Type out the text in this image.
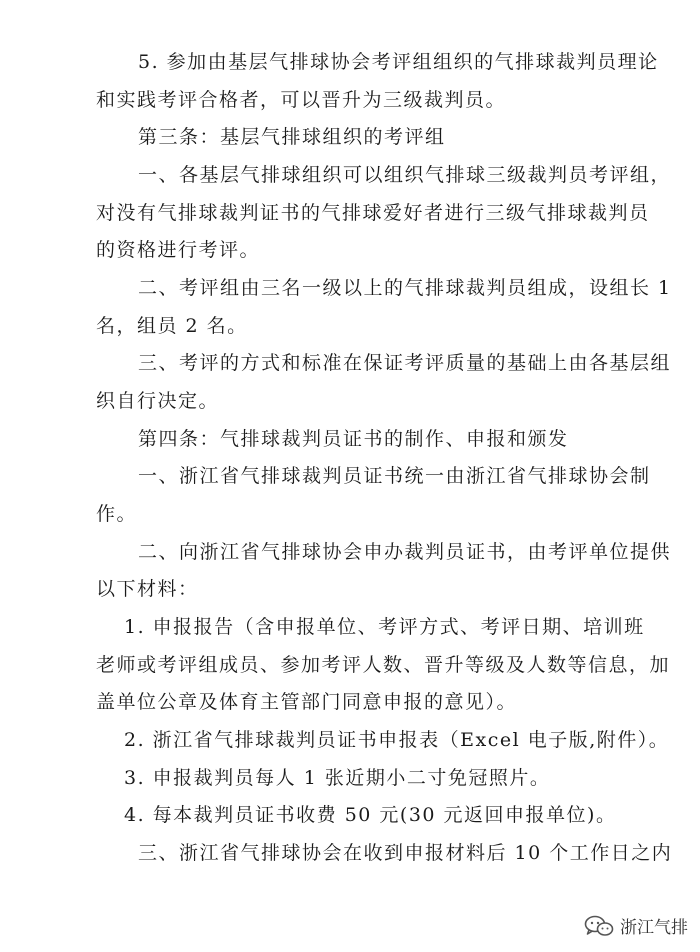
5. 参加由基层气排球协会考评组组织的气排球裁判员理论
和实践考评合格者，可以晋升为三级裁判员。
第三条：基层气排球组织的考评组
一、各基层气排球组织可以组织气排球三级裁判员考评组，
对没有气排球裁判证书的气排球爱好者进行三级气排球裁判员
的资格进行考评。
二、考评组由三名一级以上的气排球裁判员组成，设组长 1
名，组员 2 名。
三、考评的方式和标准在保证考评质量的基础上由各基层组
织自行决定。
第四条：气排球裁判员证书的制作、申报和颁发
一、浙江省气排球裁判员证书统一由浙江省气排球协会制
作。
二、向浙江省气排球协会申办裁判员证书，由考评单位提供
以下材料：
1. 申报报告（含申报单位、考评方式、考评日期、培训班
老师或考评组成员、参加考评人数、晋升等级及人数等信息，加
盖单位公章及体育主管部门同意申报的意见）。
2. 浙江省气排球裁判员证书申报表（Excel 电子版,附件）。
3. 申报裁判员每人 1 张近期小二寸免冠照片。
4. 每本裁判员证书收费 50 元(30 元返回申报单位)。
三、浙江省气排球协会在收到申报材料后 10 个工作日之内
浙江气排
